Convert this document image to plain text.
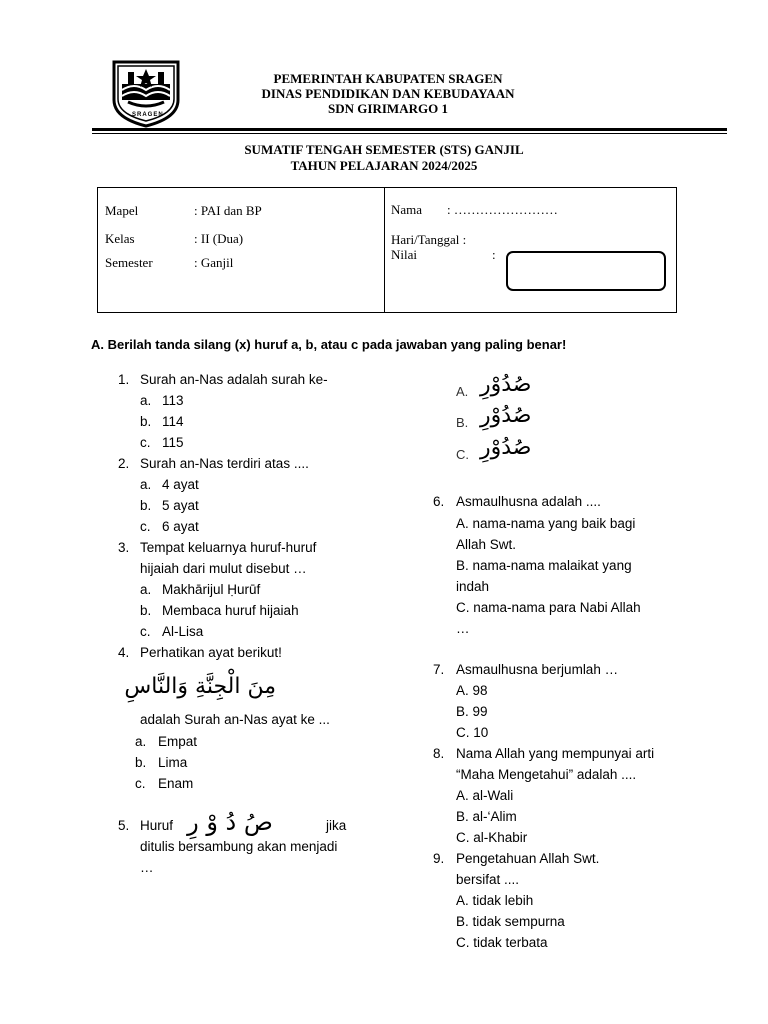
SRAGEN
PEMERINTAH KABUPATEN SRAGEN
DINAS PENDIDIKAN DAN KEBUDAYAAN
SDN GIRIMARGO 1
SUMATIF TENGAH SEMESTER (STS) GANJIL
TAHUN PELAJARAN 2024/2025
Mapel	: PAI dan BP
Kelas	: II (Dua)
Semester	: Ganjil
Nama : ……………………
Hari/Tanggal :
Nilai	:
A. Berilah tanda silang (x) huruf a, b, atau c pada jawaban yang paling benar!
1. Surah an-Nas adalah surah ke-
a. 113
b. 114
c. 115
2. Surah an-Nas terdiri atas ....
a. 4 ayat
b. 5 ayat
c. 6 ayat
3. Tempat keluarnya huruf-huruf
hijaiah dari mulut disebut …
a. Makhārijul Ḥurūf
b. Membaca huruf hijaiah
c. Al-Lisa
4. Perhatikan ayat berikut!
مِنَ الْجِنَّةِ وَالنَّاسِ
adalah Surah an-Nas ayat ke ...
a. Empat
b. Lima
c. Enam
5. Huruf صُ دُ وْ رِ	jika
ditulis bersambung akan menjadi
…
A. صُدُوْرِ
B. صُدُوْرِ
C. صُدُوْرِ
6. Asmaulhusna adalah ....
A. nama-nama yang baik bagi
Allah Swt.
B. nama-nama malaikat yang
indah
C. nama-nama para Nabi Allah
…
7. Asmaulhusna berjumlah …
A. 98
B. 99
C. 10
8. Nama Allah yang mempunyai arti
“Maha Mengetahui” adalah ....
A. al-Wali
B. al-‘Alim
C. al-Khabir
9. Pengetahuan Allah Swt.
bersifat ....
A. tidak lebih
B. tidak sempurna
C. tidak terbata
